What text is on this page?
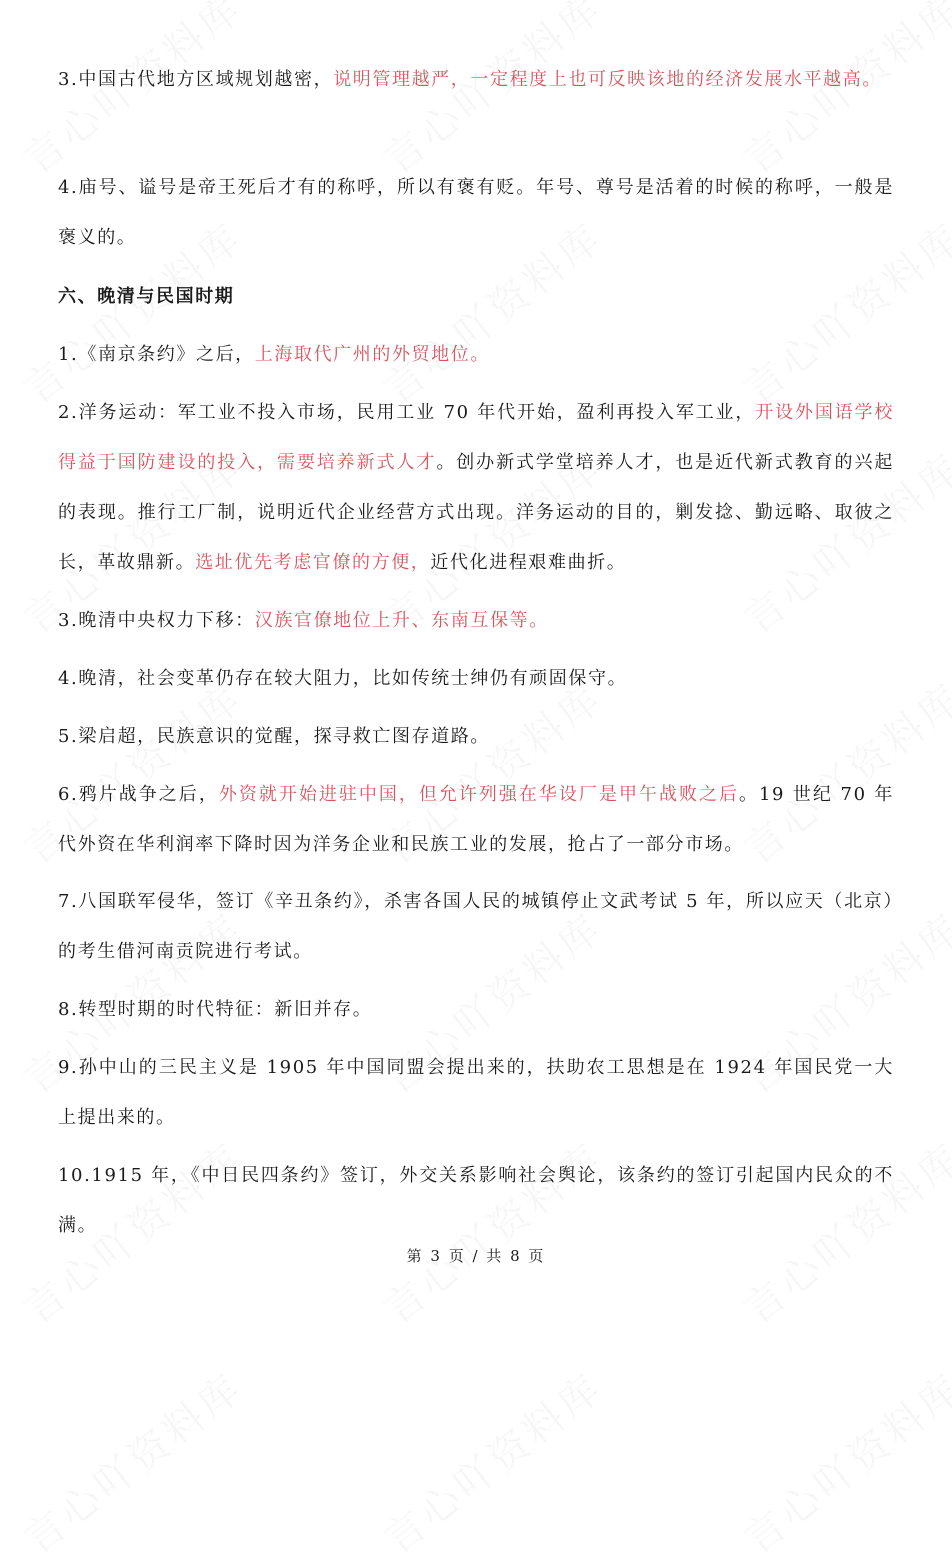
3.中国古代地方区域规划越密，说明管理越严，一定程度上也可反映该地的经济发展水平越高。
4.庙号、谥号是帝王死后才有的称呼，所以有褒有贬。年号、尊号是活着的时候的称呼，一般是褒义的。
六、晚清与民国时期
1.《南京条约》之后，上海取代广州的外贸地位。
2.洋务运动：军工业不投入市场，民用工业 70 年代开始，盈利再投入军工业，开设外国语学校得益于国防建设的投入，需要培养新式人才。创办新式学堂培养人才，也是近代新式教育的兴起的表现。推行工厂制，说明近代企业经营方式出现。洋务运动的目的，剿发捻、勤远略、取彼之长，革故鼎新。选址优先考虑官僚的方便，近代化进程艰难曲折。
3.晚清中央权力下移：汉族官僚地位上升、东南互保等。
4.晚清，社会变革仍存在较大阻力，比如传统士绅仍有顽固保守。
5.梁启超，民族意识的觉醒，探寻救亡图存道路。
6.鸦片战争之后，外资就开始进驻中国，但允许列强在华设厂是甲午战败之后。19 世纪 70 年代外资在华利润率下降时因为洋务企业和民族工业的发展，抢占了一部分市场。
7.八国联军侵华，签订《辛丑条约》，杀害各国人民的城镇停止文武考试 5 年，所以应天（北京）的考生借河南贡院进行考试。
8.转型时期的时代特征：新旧并存。
9.孙中山的三民主义是 1905 年中国同盟会提出来的，扶助农工思想是在 1924 年国民党一大上提出来的。
10.1915 年，《中日民四条约》签订，外交关系影响社会舆论，该条约的签订引起国内民众的不满。
第 3 页 / 共 8 页
